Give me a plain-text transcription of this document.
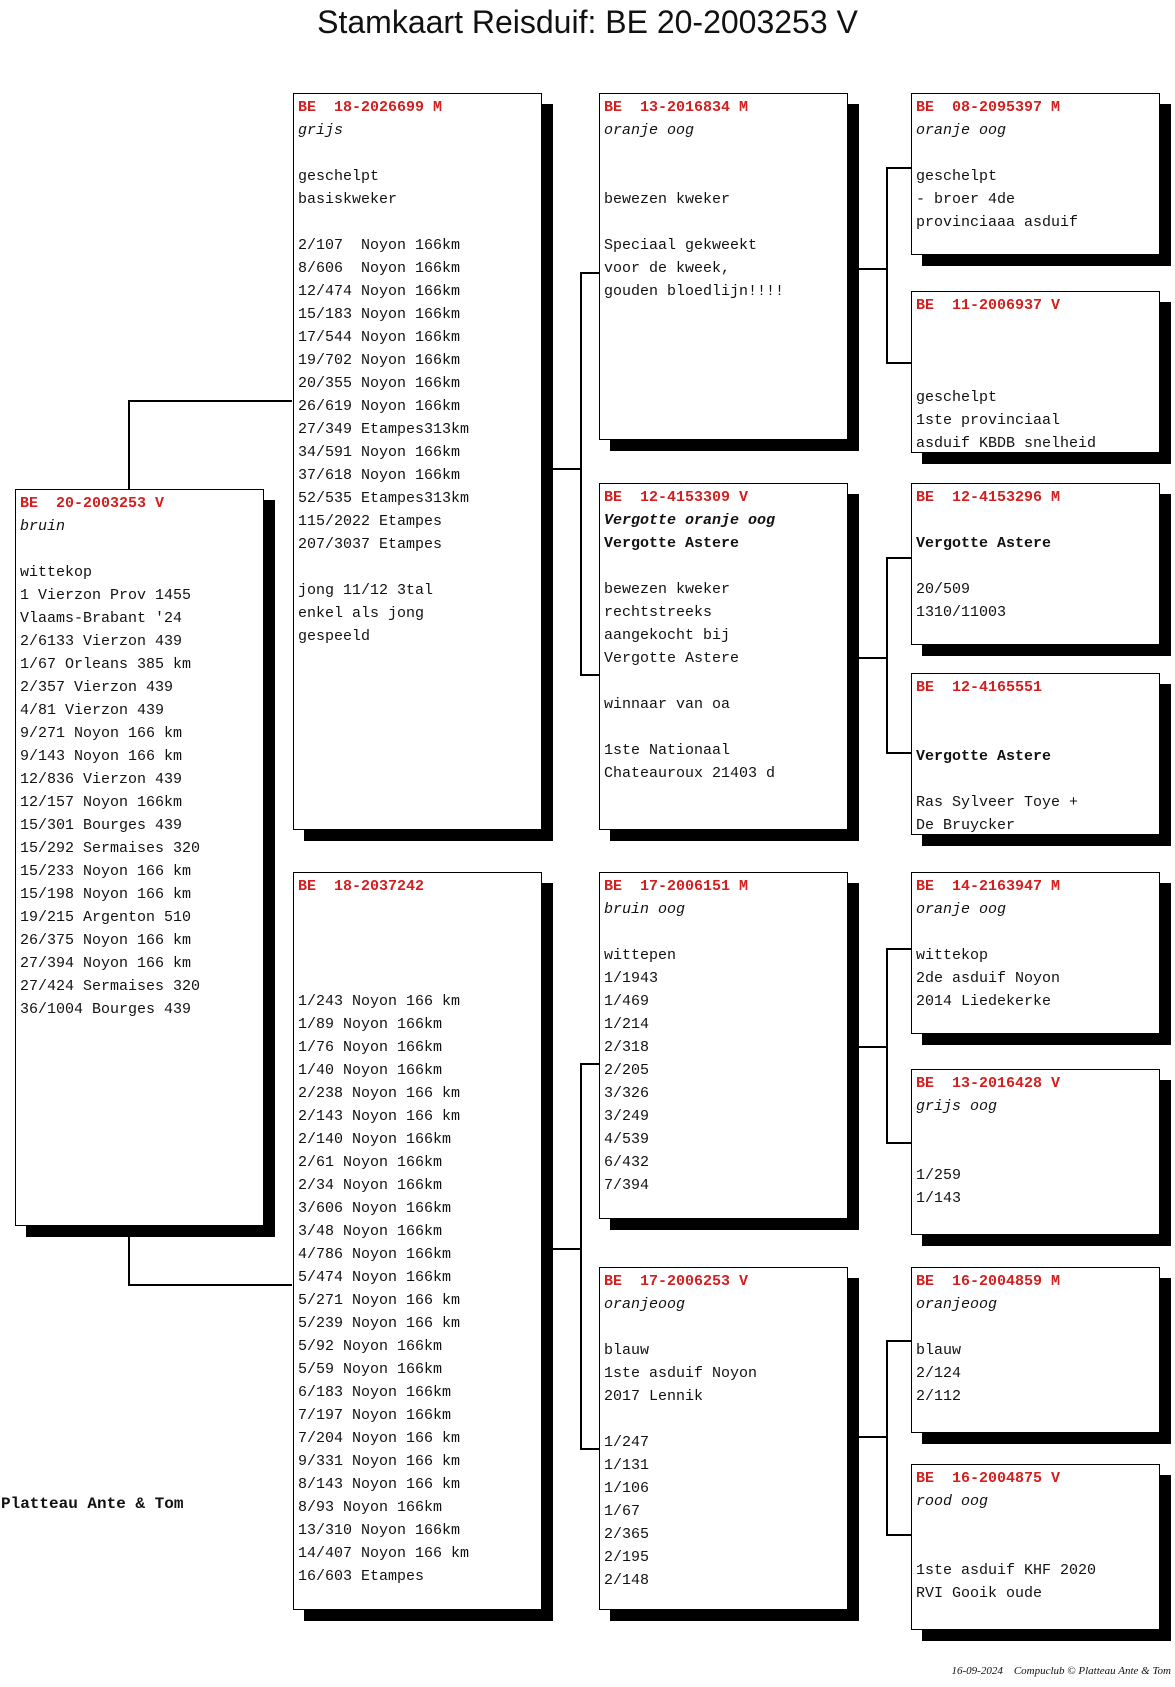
Stamkaart Reisduif: BE 20-2003253 V
BE  20-2003253 V
bruin
wittekop
1 Vierzon Prov 1455
Vlaams-Brabant '24
2/6133 Vierzon 439
1/67 Orleans 385 km
2/357 Vierzon 439
4/81 Vierzon 439
9/271 Noyon 166 km
9/143 Noyon 166 km
12/836 Vierzon 439
12/157 Noyon 166km
15/301 Bourges 439
15/292 Sermaises 320
15/233 Noyon 166 km
15/198 Noyon 166 km
19/215 Argenton 510
26/375 Noyon 166 km
27/394 Noyon 166 km
27/424 Sermaises 320
36/1004 Bourges 439
BE  18-2026699 M
grijs
geschelpt
basiskweker
2/107  Noyon 166km
8/606  Noyon 166km
12/474 Noyon 166km
15/183 Noyon 166km
17/544 Noyon 166km
19/702 Noyon 166km
20/355 Noyon 166km
26/619 Noyon 166km
27/349 Etampes313km
34/591 Noyon 166km
37/618 Noyon 166km
52/535 Etampes313km
115/2022 Etampes
207/3037 Etampes
jong 11/12 3tal
enkel als jong
gespeeld
BE  18-2037242
1/243 Noyon 166 km
1/89 Noyon 166km
1/76 Noyon 166km
1/40 Noyon 166km
2/238 Noyon 166 km
2/143 Noyon 166 km
2/140 Noyon 166km
2/61 Noyon 166km
2/34 Noyon 166km
3/606 Noyon 166km
3/48 Noyon 166km
4/786 Noyon 166km
5/474 Noyon 166km
5/271 Noyon 166 km
5/239 Noyon 166 km
5/92 Noyon 166km
5/59 Noyon 166km
6/183 Noyon 166km
7/197 Noyon 166km
7/204 Noyon 166 km
9/331 Noyon 166 km
8/143 Noyon 166 km
8/93 Noyon 166km
13/310 Noyon 166km
14/407 Noyon 166 km
16/603 Etampes
BE  13-2016834 M
oranje oog
bewezen kweker
Speciaal gekweekt
voor de kweek,
gouden bloedlijn!!!!
BE  12-4153309 V
Vergotte oranje oog
Vergotte Astere
bewezen kweker
rechtstreeks
aangekocht bij
Vergotte Astere
winnaar van oa
1ste Nationaal
Chateauroux 21403 d
BE  17-2006151 M
bruin oog
wittepen
1/1943
1/469
1/214
2/318
2/205
3/326
3/249
4/539
6/432
7/394
BE  17-2006253 V
oranjeoog
blauw
1ste asduif Noyon
2017 Lennik
1/247
1/131
1/106
1/67
2/365
2/195
2/148
BE  08-2095397 M
oranje oog
geschelpt
- broer 4de
provinciaaa asduif
BE  11-2006937 V
geschelpt
1ste provinciaal
asduif KBDB snelheid
BE  12-4153296 M
Vergotte Astere
20/509
1310/11003
BE  12-4165551
Vergotte Astere
Ras Sylveer Toye +
De Bruycker
BE  14-2163947 M
oranje oog
wittekop
2de asduif Noyon
2014 Liedekerke
BE  13-2016428 V
grijs oog
1/259
1/143
BE  16-2004859 M
oranjeoog
blauw
2/124
2/112
BE  16-2004875 V
rood oog
1ste asduif KHF 2020
RVI Gooik oude
Platteau Ante & Tom
16-09-2024    Compuclub © Platteau Ante & Tom
